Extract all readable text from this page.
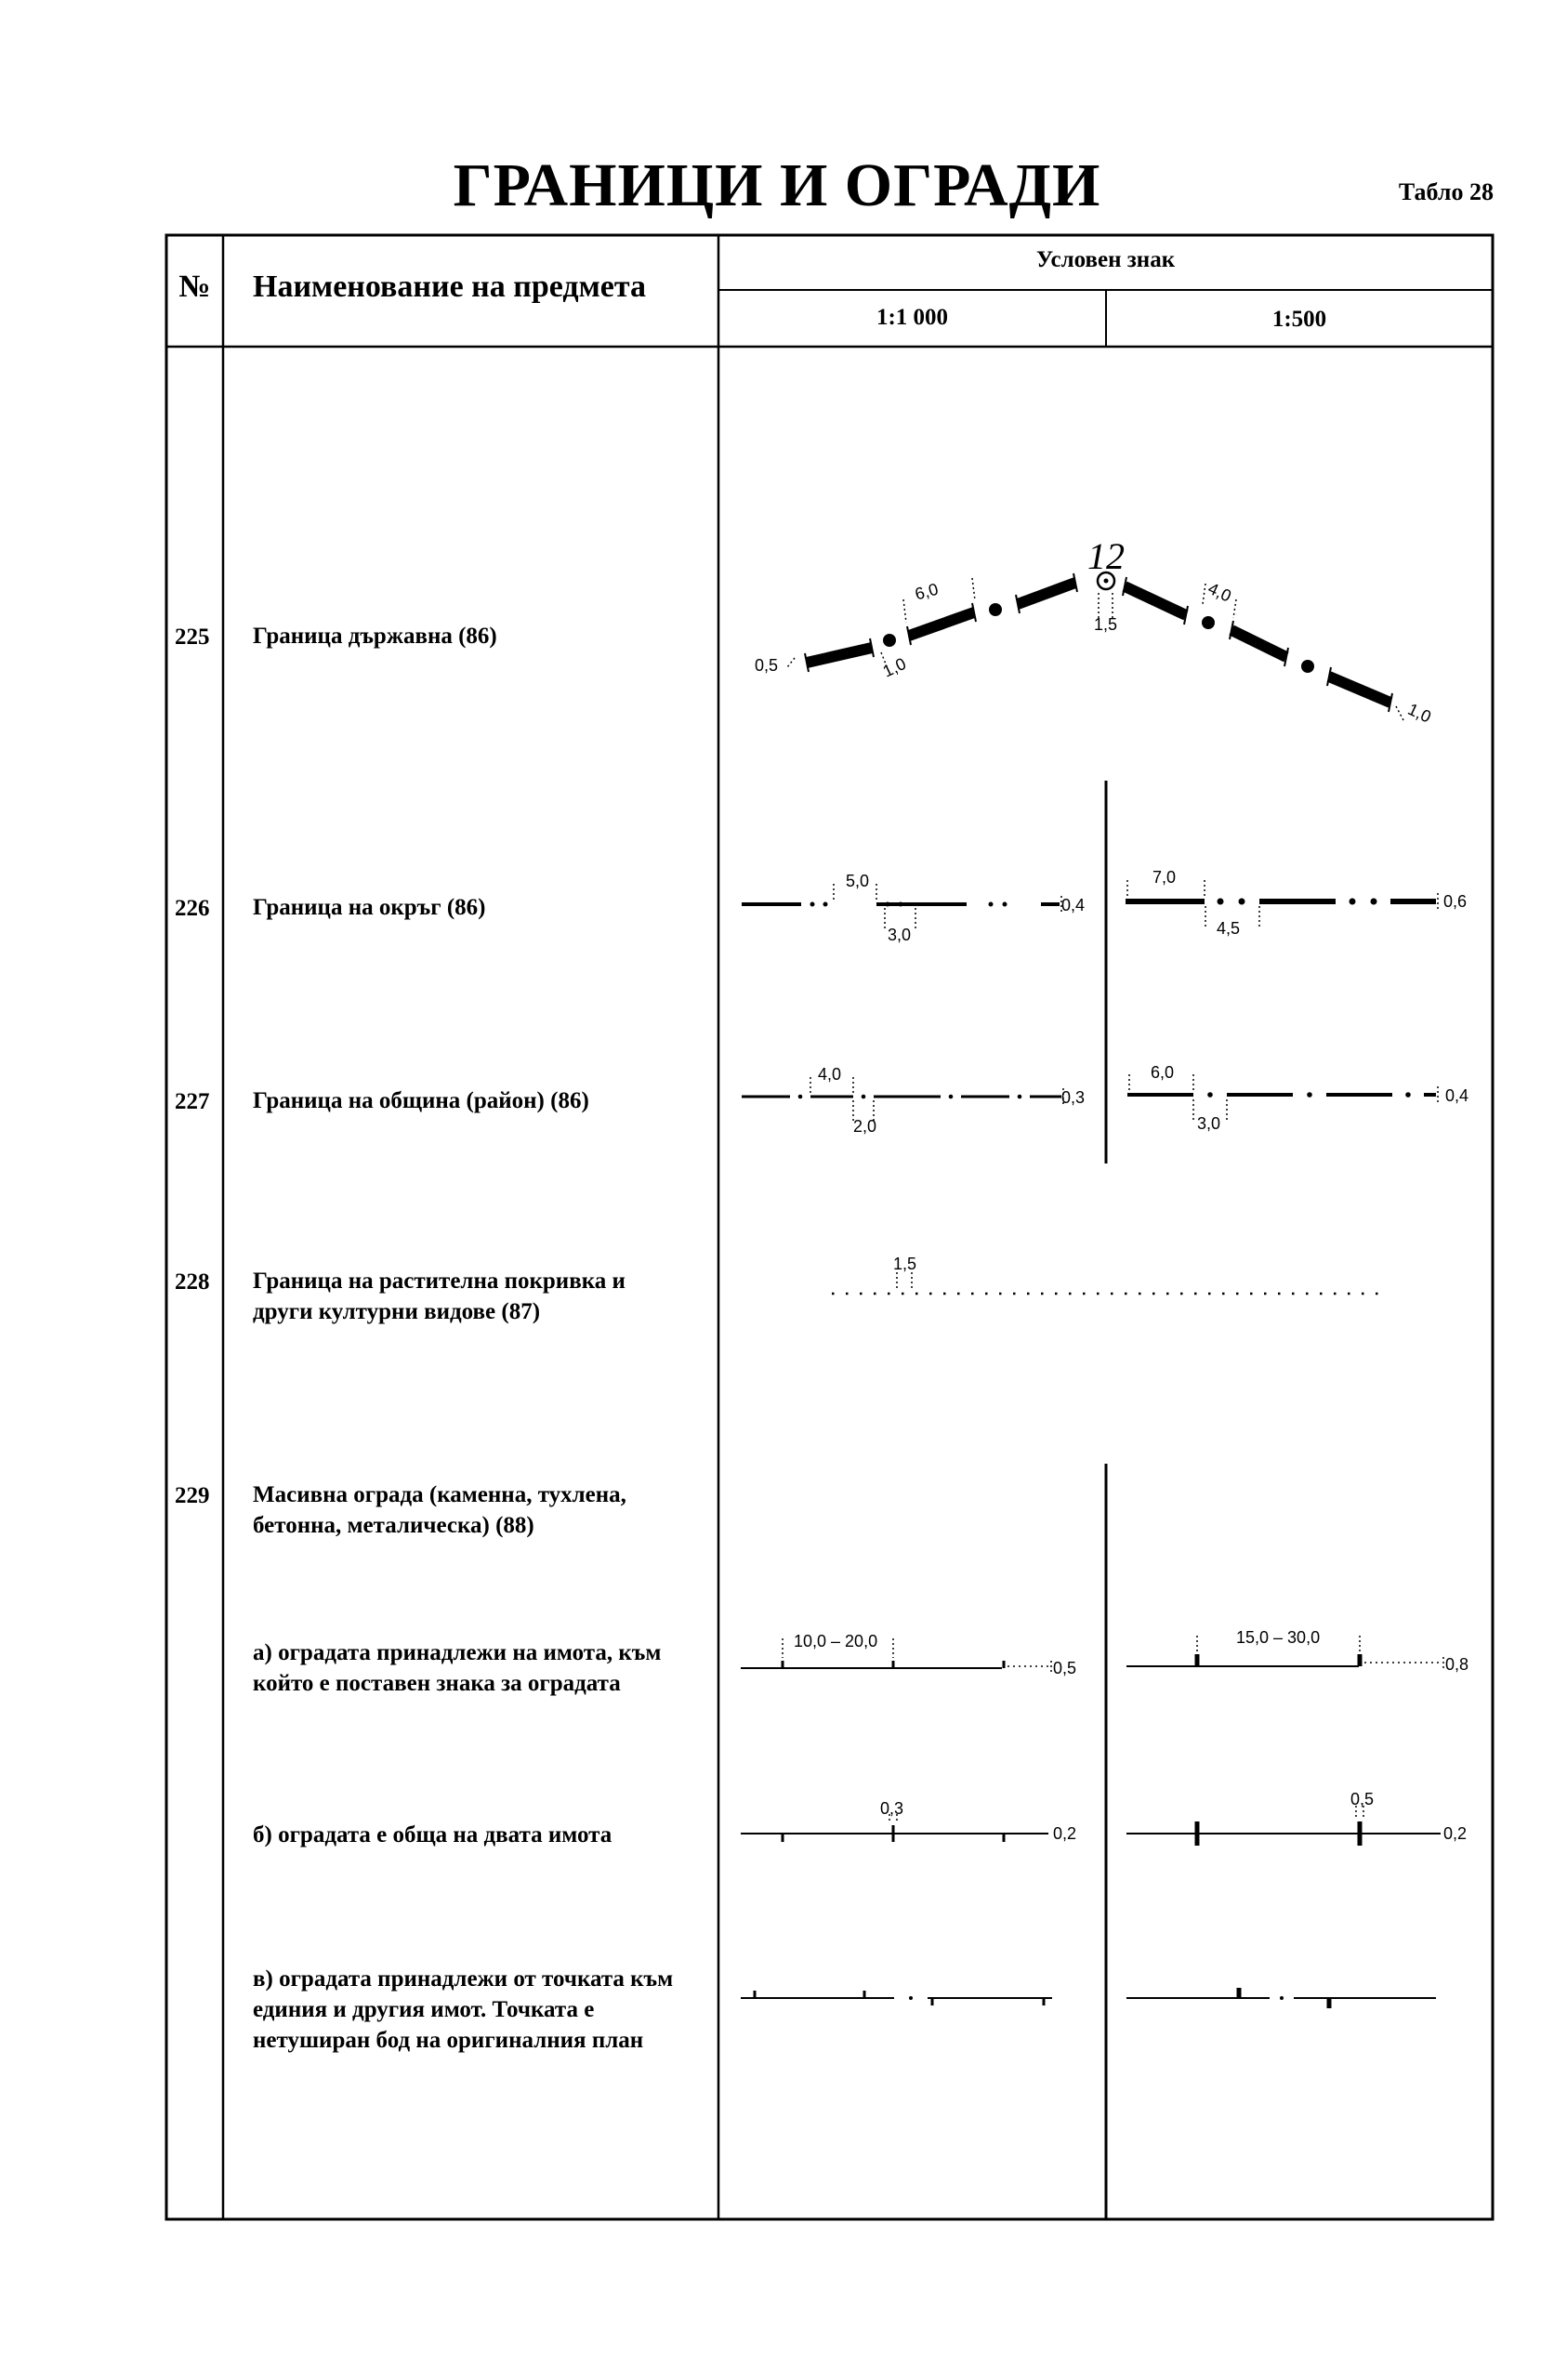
ГРАНИЦИ И ОГРАДИ	Табло 28
12
0,5	1,0
6,0
1,5
4,0
1,0
5,0
3,0
0,4
7,0
4,5
0,6
4,0
2,0
0,3
6,0
3,0
0,4
1,5
10,0 – 20,0
0,5
15,0 – 30,0
0,8
0,3
0,2
0,5
0,2
№	Наименование на предмета
Условен знак
1:1 000	1:500
225 Граница държавна (86)
226 Граница на окръг (86)
227 Граница на община (район) (86)
228 Граница на растителна покривка и
други културни видове (87)
229 Масивна ограда (каменна, тухлена,
бетонна, металическа) (88)
а) оградата принадлежи на имота, към
който е поставен знака за оградата
б) оградата е обща на двата имота
в) оградата принадлежи от точката към
единия и другия имот. Точката е
нетуширан бод на оригиналния план
